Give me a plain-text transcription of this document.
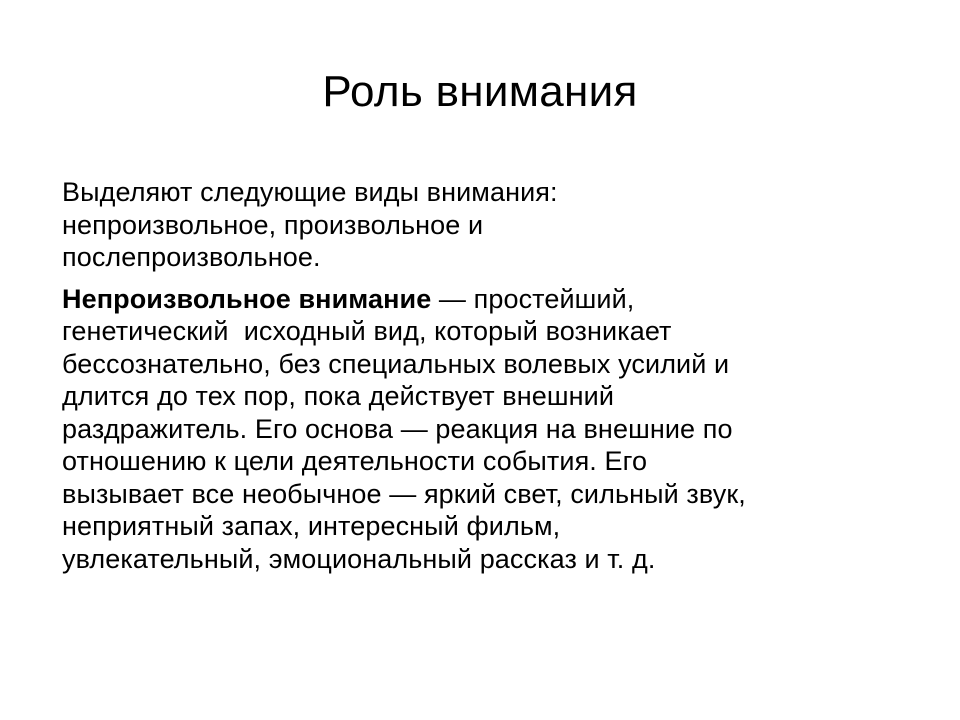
Роль внимания

Выделяют следующие виды внимания:
непроизвольное, произвольное и
послепроизвольное.

Непроизвольное внимание — простейший,
генетический  исходный вид, который возникает
бессознательно, без специальных волевых усилий и
длится до тех пор, пока действует внешний
раздражитель. Его основа — реакция на внешние по
отношению к цели деятельности события. Его
вызывает все необычное — яркий свет, сильный звук,
неприятный запах, интересный фильм,
увлекательный, эмоциональный рассказ и т. д.
